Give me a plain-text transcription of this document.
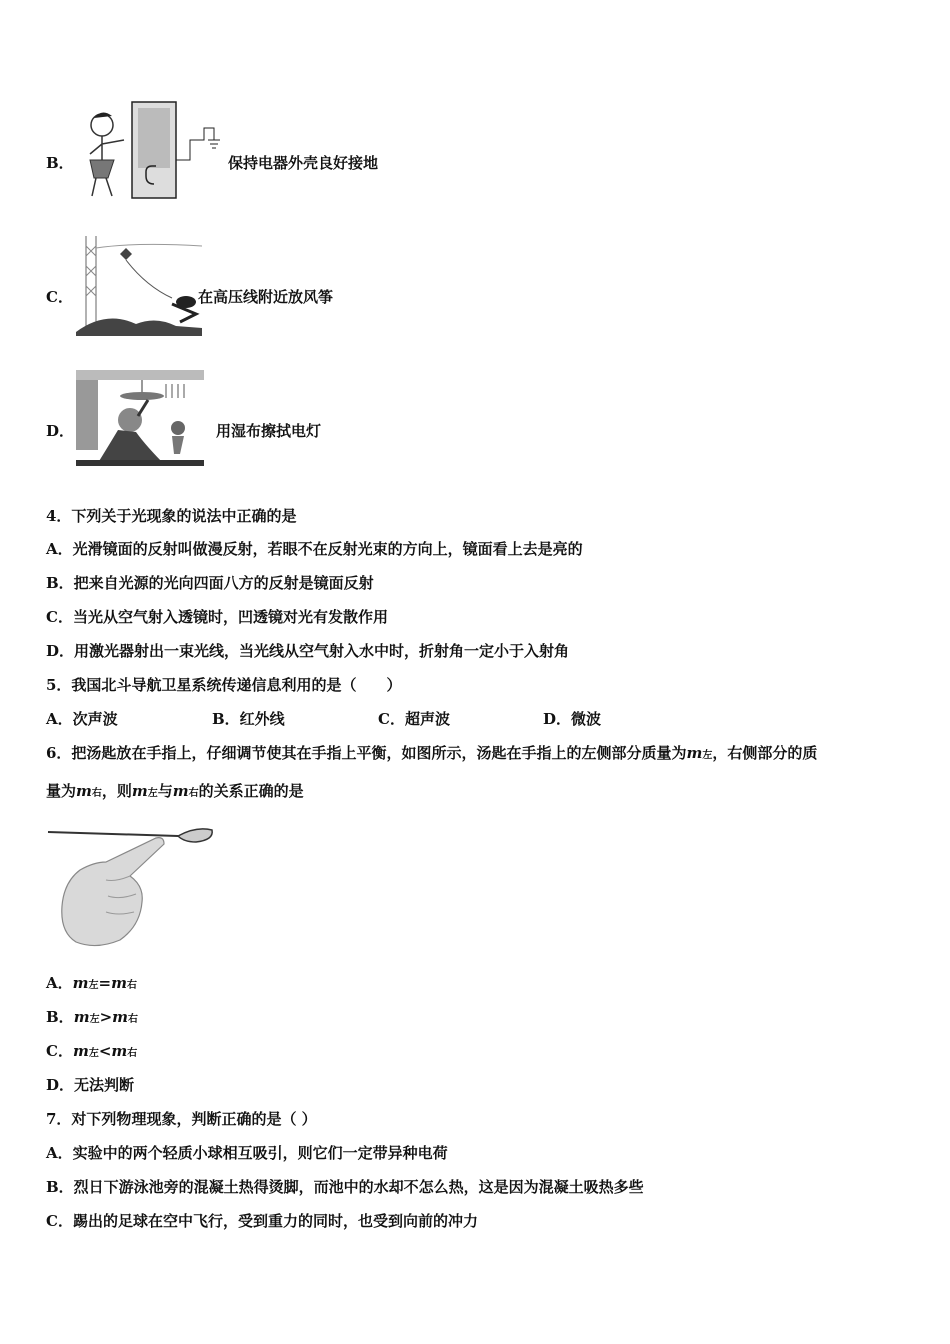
B．	保持电器外壳良好接地
C．	在高压线附近放风筝
D．	用湿布擦拭电灯
4．下列关于光现象的说法中正确的是
A．光滑镜面的反射叫做漫反射，若眼不在反射光束的方向上，镜面看上去是亮的
B．把来自光源的光向四面八方的反射是镜面反射
C．当光从空气射入透镜时，凹透镜对光有发散作用
D．用激光器射出一束光线，当光线从空气射入水中时，折射角一定小于入射角
5．我国北斗导航卫星系统传递信息利用的是（　　）
A．次声波	B．红外线	C．超声波	D．微波
6．把汤匙放在手指上，仔细调节使其在手指上平衡，如图所示，汤匙在手指上的左侧部分质量为m左，右侧部分的质
量为m右，则m左与m右的关系正确的是
A．m左=m右
B．m左>m右
C．m左<m右
D．无法判断
7．对下列物理现象，判断正确的是（ ）
A．实验中的两个轻质小球相互吸引，则它们一定带异种电荷
B．烈日下游泳池旁的混凝土热得烫脚，而池中的水却不怎么热，这是因为混凝土吸热多些
C．踢出的足球在空中飞行，受到重力的同时，也受到向前的冲力
